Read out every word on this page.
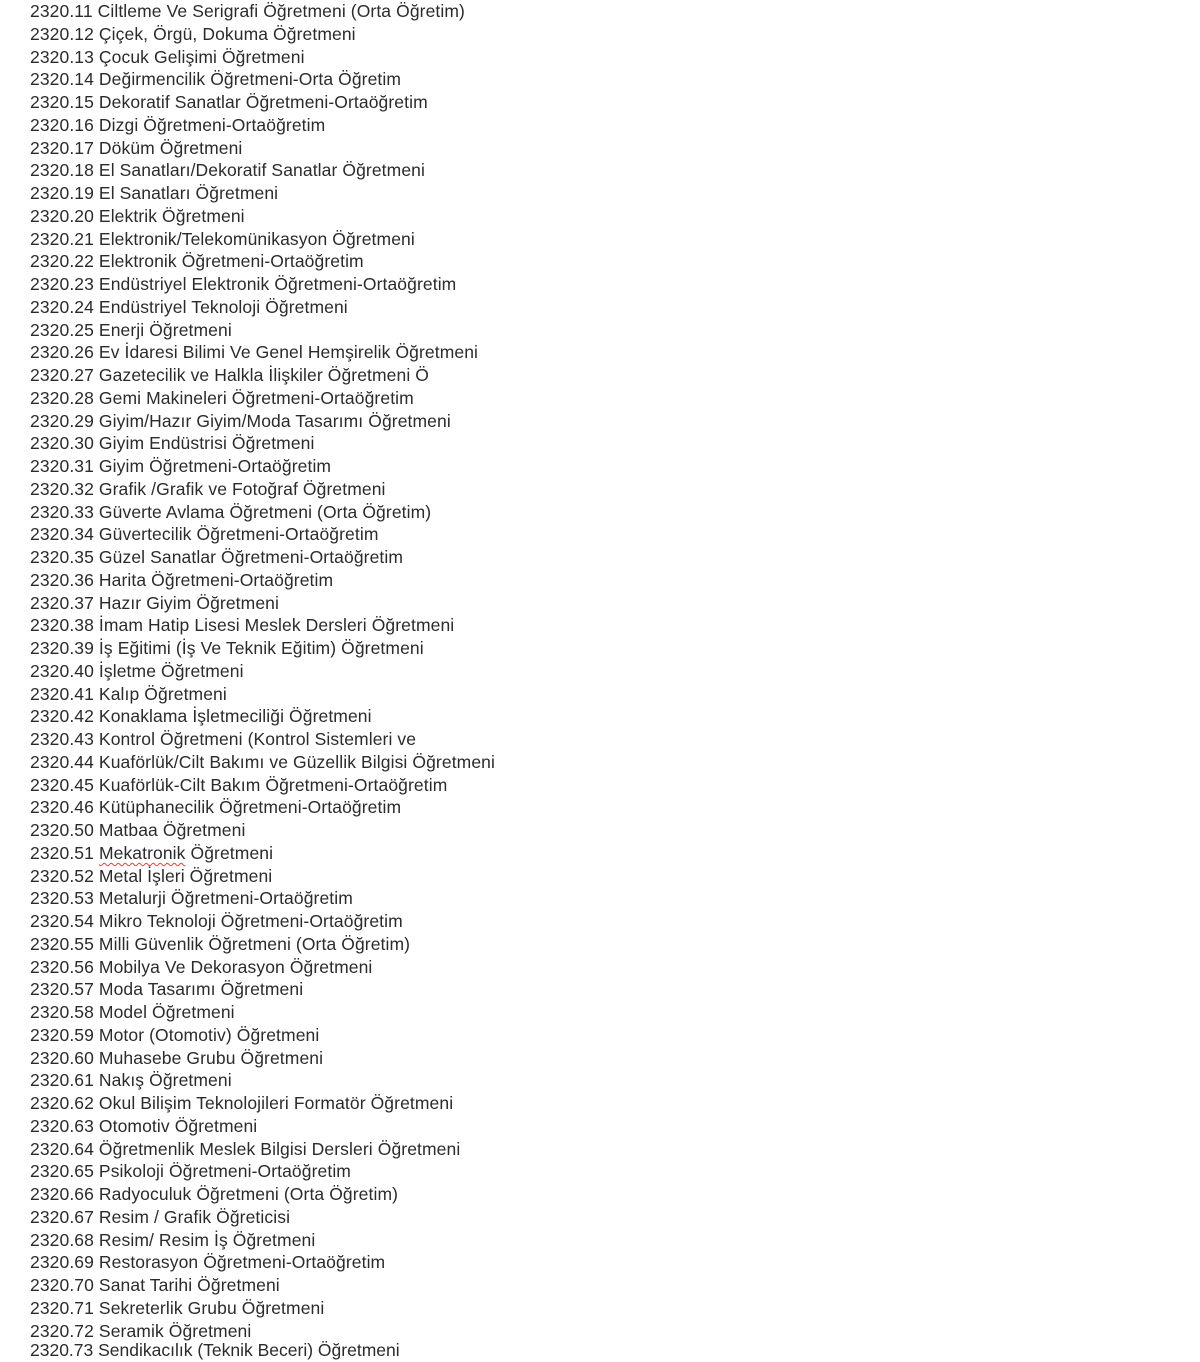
2320.11 Ciltleme Ve Serigrafi Öğretmeni (Orta Öğretim)
2320.12 Çiçek, Örgü, Dokuma Öğretmeni
2320.13 Çocuk Gelişimi Öğretmeni
2320.14 Değirmencilik Öğretmeni-Orta Öğretim
2320.15 Dekoratif Sanatlar Öğretmeni-Ortaöğretim
2320.16 Dizgi Öğretmeni-Ortaöğretim
2320.17 Döküm Öğretmeni
2320.18 El Sanatları/Dekoratif Sanatlar Öğretmeni
2320.19 El Sanatları Öğretmeni
2320.20 Elektrik Öğretmeni
2320.21 Elektronik/Telekomünikasyon Öğretmeni
2320.22 Elektronik Öğretmeni-Ortaöğretim
2320.23 Endüstriyel Elektronik Öğretmeni-Ortaöğretim
2320.24 Endüstriyel Teknoloji Öğretmeni
2320.25 Enerji Öğretmeni
2320.26 Ev İdaresi Bilimi Ve Genel Hemşirelik Öğretmeni
2320.27 Gazetecilik ve Halkla İlişkiler Öğretmeni Ö
2320.28 Gemi Makineleri Öğretmeni-Ortaöğretim
2320.29 Giyim/Hazır Giyim/Moda Tasarımı Öğretmeni
2320.30 Giyim Endüstrisi Öğretmeni
2320.31 Giyim Öğretmeni-Ortaöğretim
2320.32 Grafik /Grafik ve Fotoğraf Öğretmeni
2320.33 Güverte Avlama Öğretmeni (Orta Öğretim)
2320.34 Güvertecilik Öğretmeni-Ortaöğretim
2320.35 Güzel Sanatlar Öğretmeni-Ortaöğretim
2320.36 Harita Öğretmeni-Ortaöğretim
2320.37 Hazır Giyim Öğretmeni
2320.38 İmam Hatip Lisesi Meslek Dersleri Öğretmeni
2320.39 İş Eğitimi (İş Ve Teknik Eğitim) Öğretmeni
2320.40 İşletme Öğretmeni
2320.41 Kalıp Öğretmeni
2320.42 Konaklama İşletmeciliği Öğretmeni
2320.43 Kontrol Öğretmeni (Kontrol Sistemleri ve
2320.44 Kuaförlük/Cilt Bakımı ve Güzellik Bilgisi Öğretmeni
2320.45 Kuaförlük-Cilt Bakım Öğretmeni-Ortaöğretim
2320.46 Kütüphanecilik Öğretmeni-Ortaöğretim
2320.50 Matbaa Öğretmeni
2320.51 Mekatronik Öğretmeni
2320.52 Metal İşleri Öğretmeni
2320.53 Metalurji Öğretmeni-Ortaöğretim
2320.54 Mikro Teknoloji Öğretmeni-Ortaöğretim
2320.55 Milli Güvenlik Öğretmeni (Orta Öğretim)
2320.56 Mobilya Ve Dekorasyon Öğretmeni
2320.57 Moda Tasarımı Öğretmeni
2320.58 Model Öğretmeni
2320.59 Motor (Otomotiv) Öğretmeni
2320.60 Muhasebe Grubu Öğretmeni
2320.61 Nakış Öğretmeni
2320.62 Okul Bilişim Teknolojileri Formatör Öğretmeni
2320.63 Otomotiv Öğretmeni
2320.64 Öğretmenlik Meslek Bilgisi Dersleri Öğretmeni
2320.65 Psikoloji Öğretmeni-Ortaöğretim
2320.66 Radyoculuk Öğretmeni (Orta Öğretim)
2320.67 Resim / Grafik Öğreticisi
2320.68 Resim/ Resim İş Öğretmeni
2320.69 Restorasyon Öğretmeni-Ortaöğretim
2320.70 Sanat Tarihi Öğretmeni
2320.71 Sekreterlik Grubu Öğretmeni
2320.72 Seramik Öğretmeni
2320.73 Sendikacılık (Teknik Beceri) Öğretmeni
